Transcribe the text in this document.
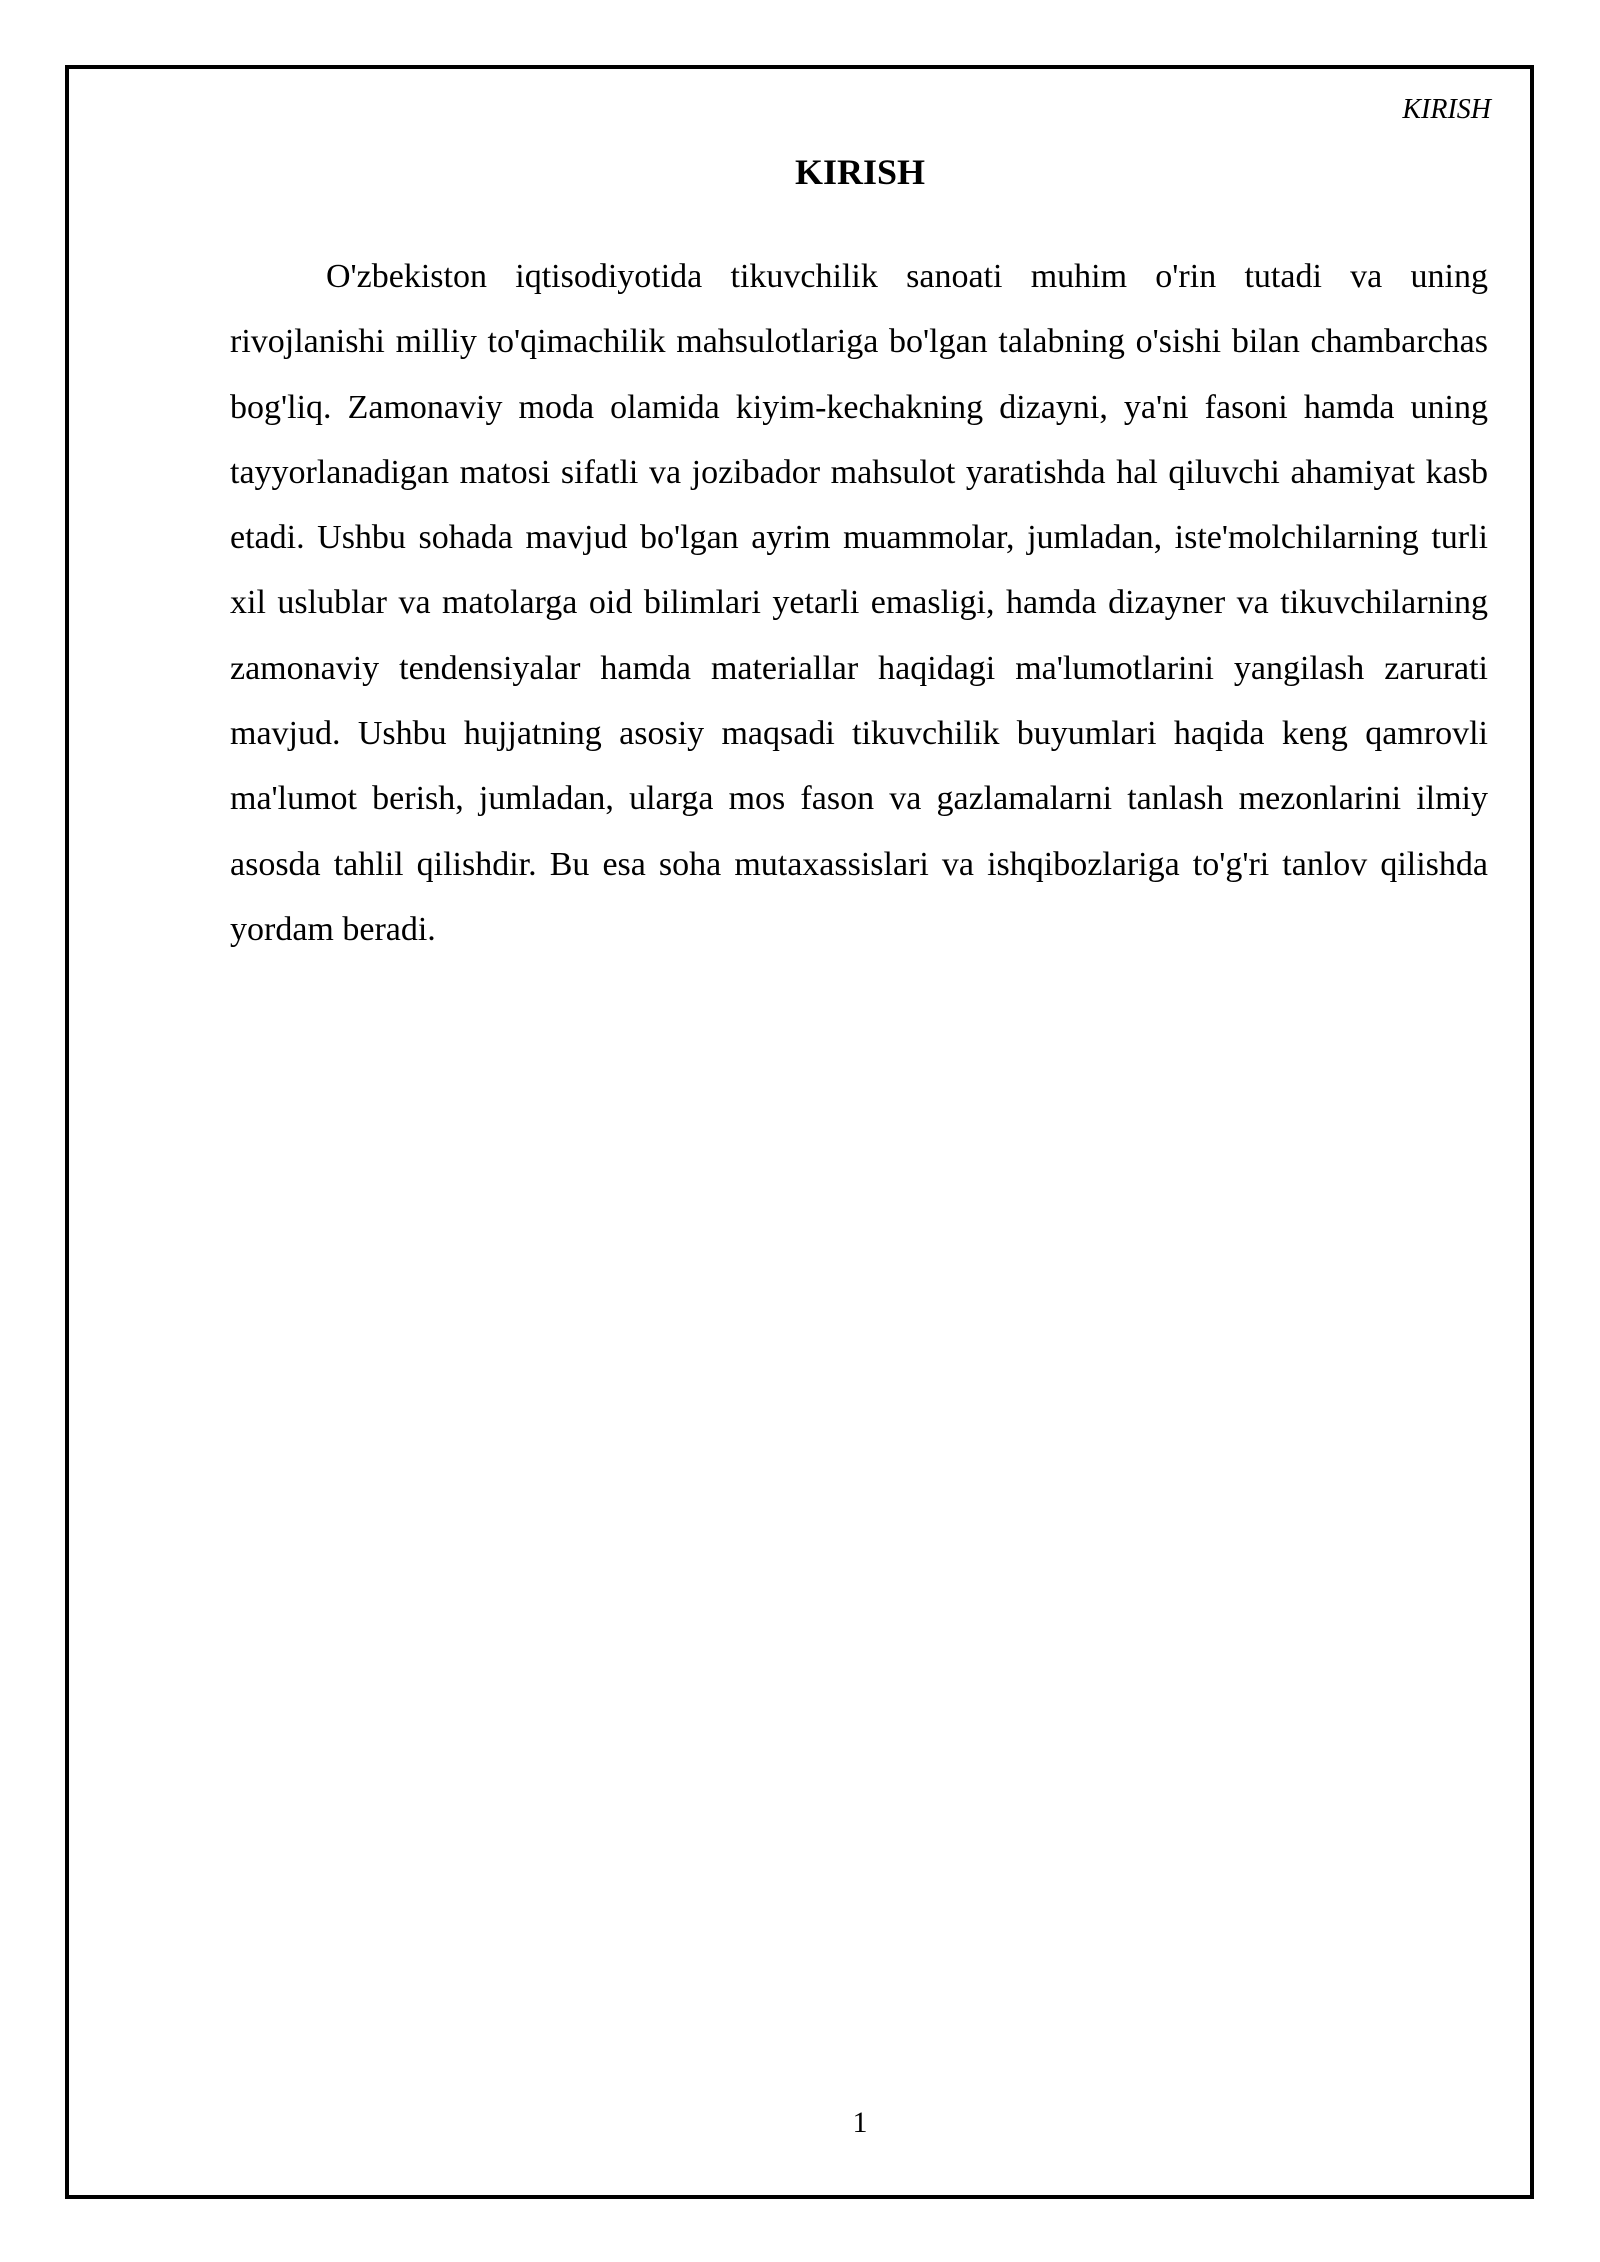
KIRISH
KIRISH

O'zbekiston iqtisodiyotida tikuvchilik sanoati muhim o'rin tutadi va uning rivojlanishi milliy to'qimachilik mahsulotlariga bo'lgan talabning o'sishi bilan chambarchas bog'liq. Zamonaviy moda olamida kiyim-kechakning dizayni, ya'ni fasoni hamda uning tayyorlanadigan matosi sifatli va jozibador mahsulot yaratishda hal qiluvchi ahamiyat kasb etadi. Ushbu sohada mavjud bo'lgan ayrim muammolar, jumladan, iste'molchilarning turli xil uslublar va matolarga oid bilimlari yetarli emasligi, hamda dizayner va tikuvchilarning zamonaviy tendensiyalar hamda materiallar haqidagi ma'lumotlarini yangilash zarurati mavjud. Ushbu hujjatning asosiy maqsadi tikuvchilik buyumlari haqida keng qamrovli ma'lumot berish, jumladan, ularga mos fason va gazlamalarni tanlash mezonlarini ilmiy asosda tahlil qilishdir. Bu esa soha mutaxassislari va ishqibozlariga to'g'ri tanlov qilishda yordam beradi.

1
